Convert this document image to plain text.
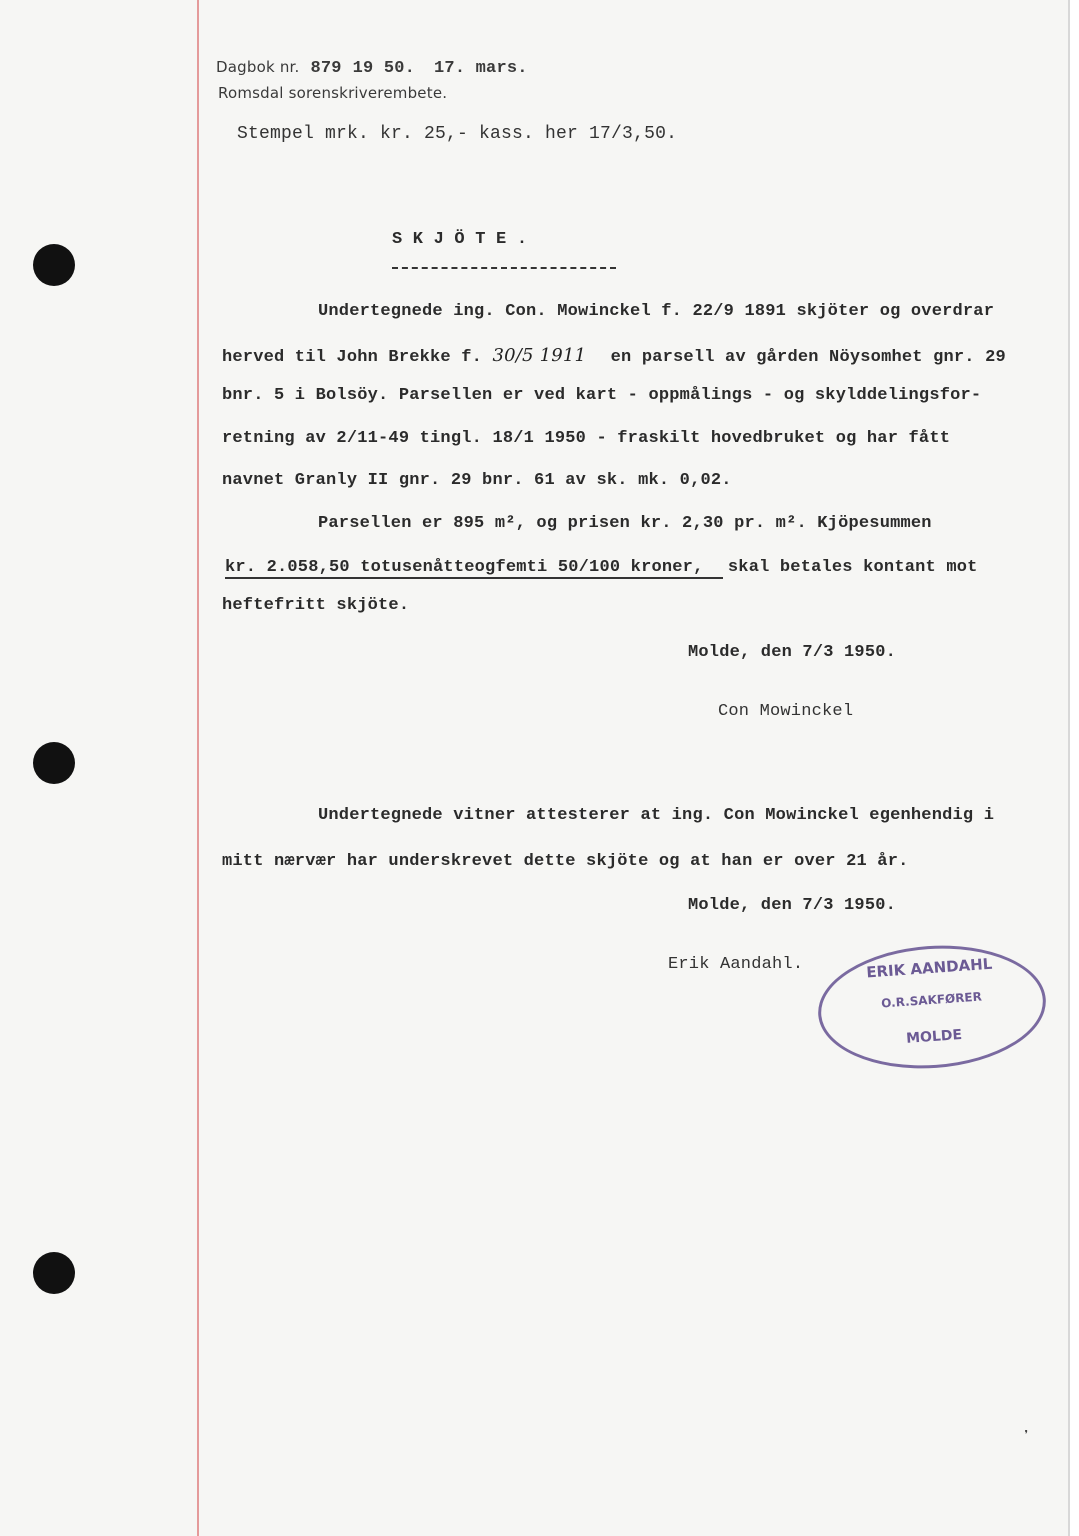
Dagbok nr. 879 19 50. 17. mars.
Romsdal sorenskriverembete.
Stempel mrk. kr. 25,- kass. her 17/3,50.
S K J Ö T E .
Undertegnede ing. Con. Mowinckel f. 22/9 1891 skjöter og overdrar
herved til John Brekke f. 30/5 1911 en parsell av gården Nöysomhet gnr. 29
bnr. 5 i Bolsöy. Parsellen er ved kart - oppmålings - og skylddelingsfor-
retning av 2/11-49 tingl. 18/1 1950 - fraskilt hovedbruket og har fått
navnet Granly II gnr. 29 bnr. 61 av sk. mk. 0,02.
Parsellen er 895 m², og prisen kr. 2,30 pr. m². Kjöpesummen
kr. 2.058,50 totusenåtteogfemti 50/100 kroner, skal betales kontant mot
heftefritt skjöte.
Molde, den 7/3 1950.
Con Mowinckel
Undertegnede vitner attesterer at ing. Con Mowinckel egenhendig i
mitt nærvær har underskrevet dette skjöte og at han er over 21 år.
Molde, den 7/3 1950.
Erik Aandahl.	ERIK AANDAHL
O.R.SAKFØRER
MOLDE
❜
